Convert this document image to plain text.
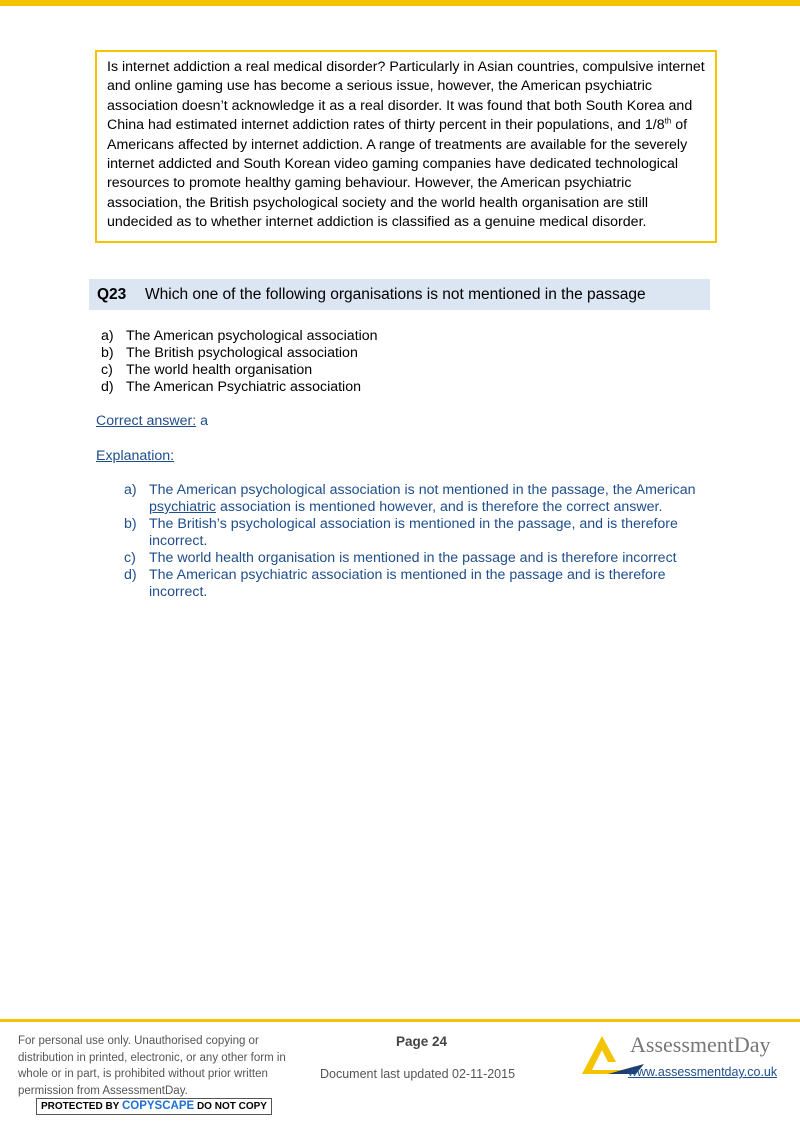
Is internet addiction a real medical disorder? Particularly in Asian countries, compulsive internet and online gaming use has become a serious issue, however, the American psychiatric association doesn’t acknowledge it as a real disorder. It was found that both South Korea and China had estimated internet addiction rates of thirty percent in their populations, and 1/8th of Americans affected by internet addiction. A range of treatments are available for the severely internet addicted and South Korean video gaming companies have dedicated technological resources to promote healthy gaming behaviour. However, the American psychiatric association, the British psychological society and the world health organisation are still undecided as to whether internet addiction is classified as a genuine medical disorder.
Q23 Which one of the following organisations is not mentioned in the passage
a) The American psychological association
b) The British psychological association
c) The world health organisation
d) The American Psychiatric association
Correct answer: a
Explanation:
a) The American psychological association is not mentioned in the passage, the American psychiatric association is mentioned however, and is therefore the correct answer.
b) The British’s psychological association is mentioned in the passage, and is therefore incorrect.
c) The world health organisation is mentioned in the passage and is therefore incorrect
d) The American psychiatric association is mentioned in the passage and is therefore incorrect.
For personal use only. Unauthorised copying or distribution in printed, electronic, or any other form in whole or in part, is prohibited without prior written permission from AssessmentDay.
PROTECTED BY COPYSCAPE DO NOT COPY
Page 24
Document last updated 02-11-2015
AssessmentDay
www.assessmentday.co.uk
